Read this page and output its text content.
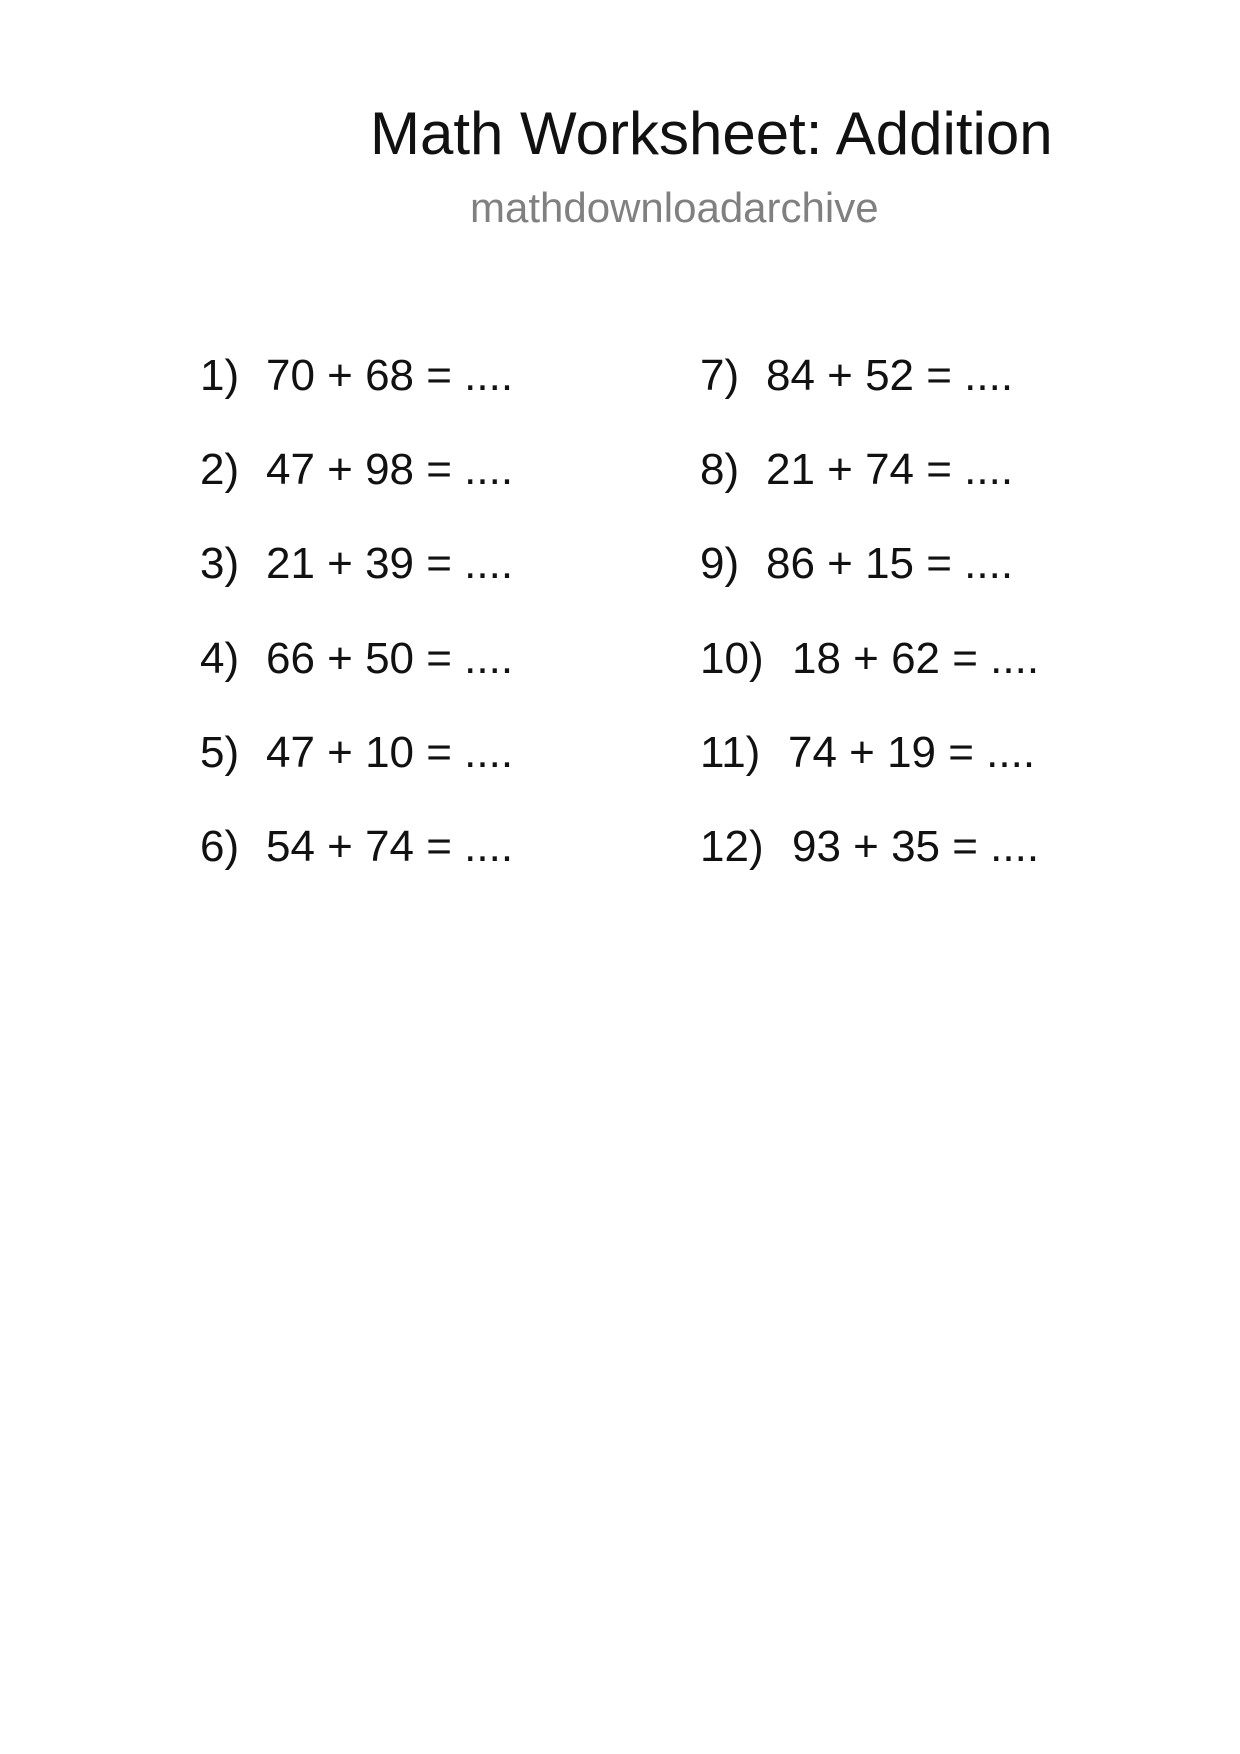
Math Worksheet: Addition
mathdownloadarchive
1) 70 + 68 = ....
2) 47 + 98 = ....
3) 21 + 39 = ....
4) 66 + 50 = ....
5) 47 + 10 = ....
6) 54 + 74 = ....
7) 84 + 52 = ....
8) 21 + 74 = ....
9) 86 + 15 = ....
10) 18 + 62 = ....
11) 74 + 19 = ....
12) 93 + 35 = ....
